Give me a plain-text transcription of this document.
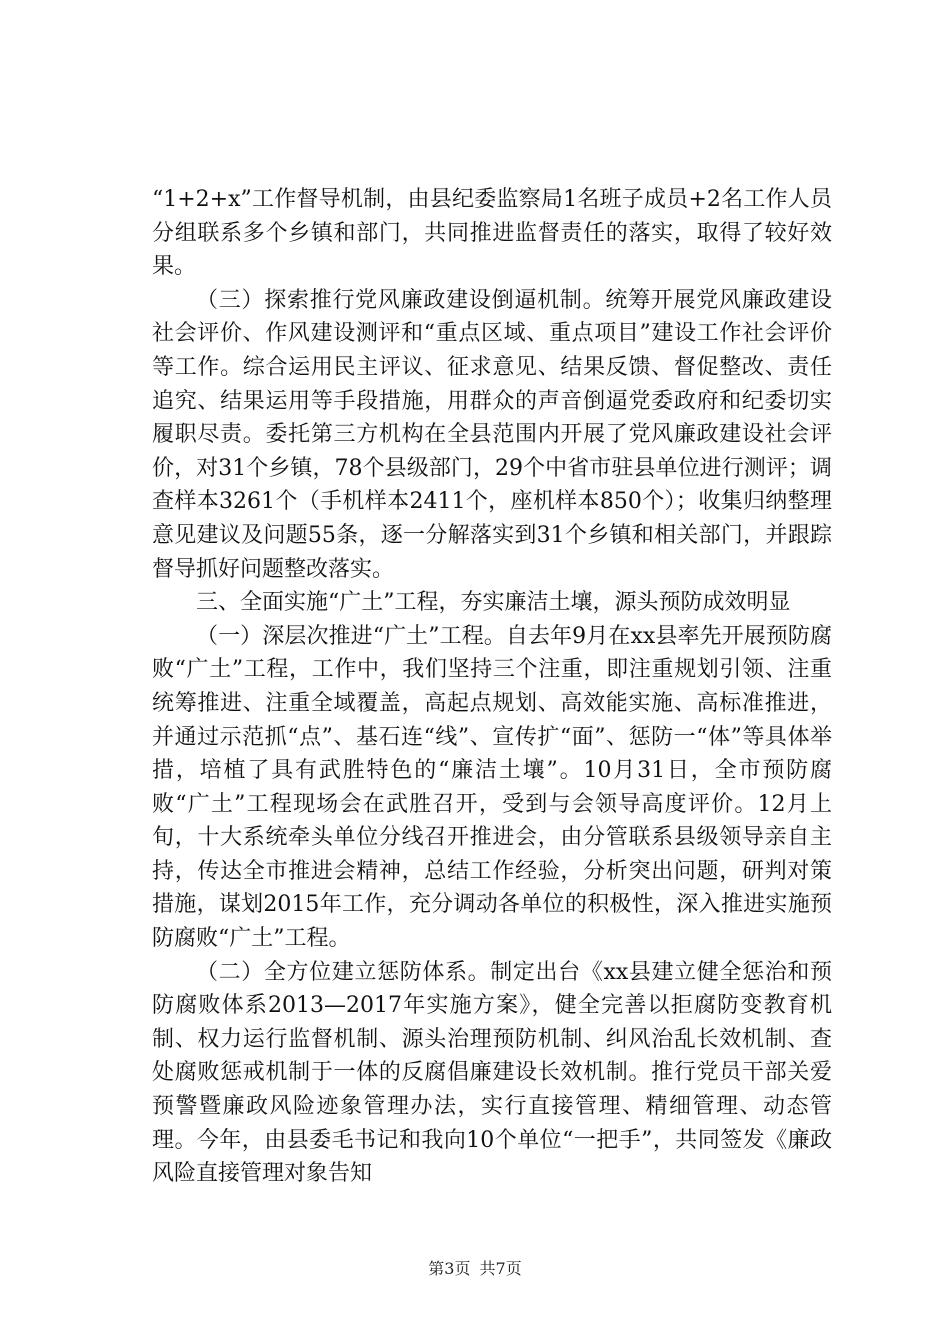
“1+2+x”工作督导机制，由县纪委监察局1名班子成员+2名工作人员分组联系多个乡镇和部门，共同推进监督责任的落实，取得了较好效果。

（三）探索推行党风廉政建设倒逼机制。统筹开展党风廉政建设社会评价、作风建设测评和“重点区域、重点项目”建设工作社会评价等工作。综合运用民主评议、征求意见、结果反馈、督促整改、责任追究、结果运用等手段措施，用群众的声音倒逼党委政府和纪委切实履职尽责。委托第三方机构在全县范围内开展了党风廉政建设社会评价，对31个乡镇，78个县级部门，29个中省市驻县单位进行测评；调查样本3261个（手机样本2411个，座机样本850个）；收集归纳整理意见建议及问题55条，逐一分解落实到31个乡镇和相关部门，并跟踪督导抓好问题整改落实。

三、全面实施“广土”工程，夯实廉洁土壤，源头预防成效明显

（一）深层次推进“广土”工程。自去年9月在xx县率先开展预防腐败“广土”工程，工作中，我们坚持三个注重，即注重规划引领、注重统筹推进、注重全域覆盖，高起点规划、高效能实施、高标准推进，并通过示范抓“点”、基石连“线”、宣传扩“面”、惩防一“体”等具体举措，培植了具有武胜特色的“廉洁土壤”。10月31日，全市预防腐败“广土”工程现场会在武胜召开，受到与会领导高度评价。12月上旬，十大系统牵头单位分线召开推进会，由分管联系县级领导亲自主持，传达全市推进会精神，总结工作经验，分析突出问题，研判对策措施，谋划2015年工作，充分调动各单位的积极性，深入推进实施预防腐败“广土”工程。

（二）全方位建立惩防体系。制定出台《xx县建立健全惩治和预防腐败体系2013—2017年实施方案》，健全完善以拒腐防变教育机制、权力运行监督机制、源头治理预防机制、纠风治乱长效机制、查处腐败惩戒机制于一体的反腐倡廉建设长效机制。推行党员干部关爱预警暨廉政风险迹象管理办法，实行直接管理、精细管理、动态管理。今年，由县委毛书记和我向10个单位“一把手”，共同签发《廉政风险直接管理对象告知

第3页 共7页
